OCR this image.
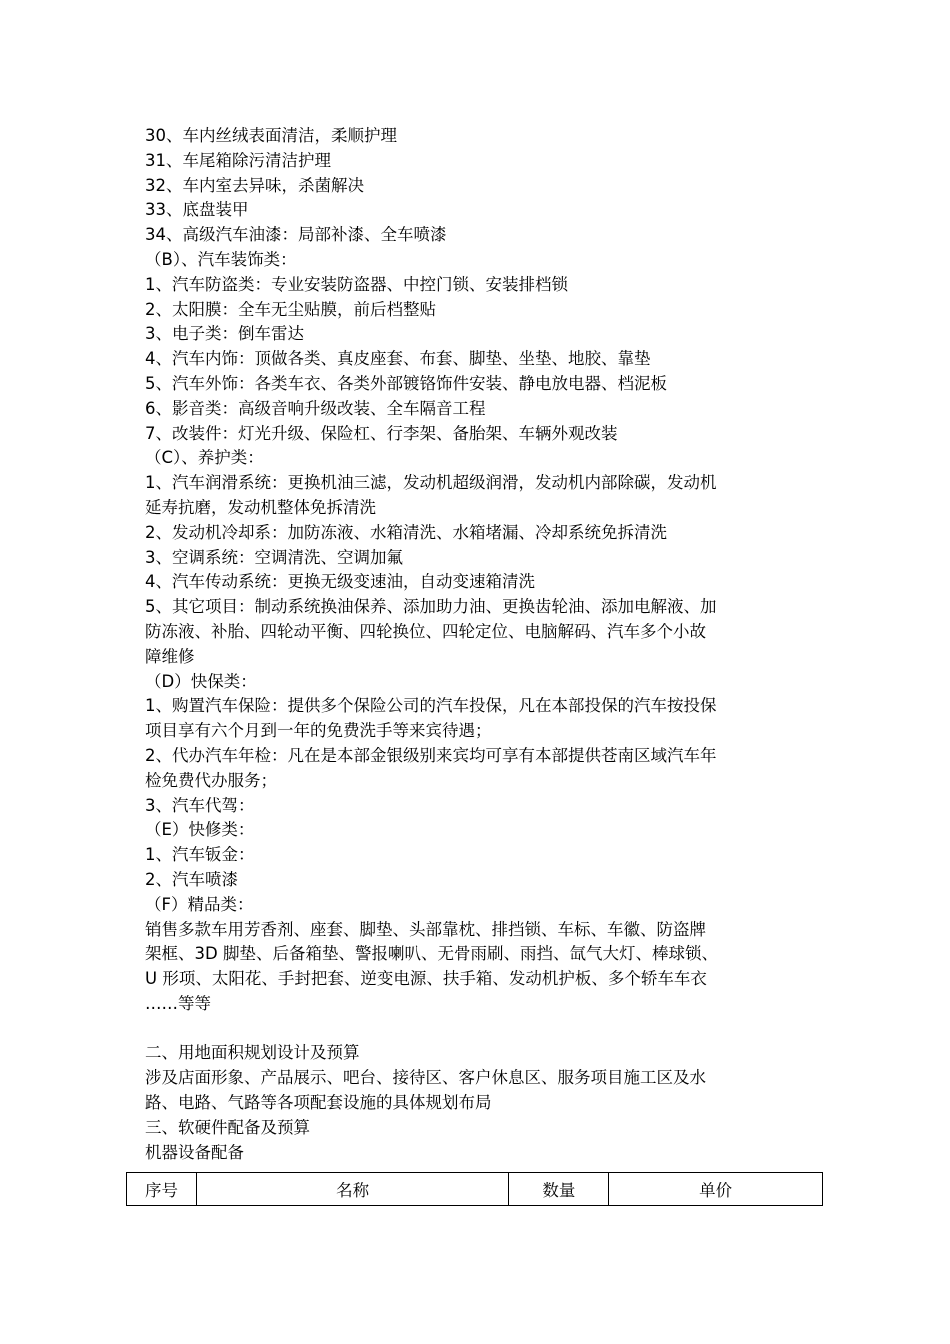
30、车内丝绒表面清洁，柔顺护理

31、车尾箱除污清洁护理

32、车内室去异味，杀菌解决

33、底盘装甲

34、高级汽车油漆：局部补漆、全车喷漆

（B）、汽车装饰类：

1、汽车防盗类：专业安装防盗器、中控门锁、安装排档锁

2、太阳膜：全车无尘贴膜，前后档整贴

3、电子类：倒车雷达

4、汽车内饰：顶做各类、真皮座套、布套、脚垫、坐垫、地胶、靠垫

5、汽车外饰：各类车衣、各类外部镀铬饰件安装、静电放电器、档泥板

6、影音类：高级音响升级改装、全车隔音工程

7、改装件：灯光升级、保险杠、行李架、备胎架、车辆外观改装

（C）、养护类：

1、汽车润滑系统：更换机油三滤，发动机超级润滑，发动机内部除碳，发动机

延寿抗磨，发动机整体免拆清洗

2、发动机冷却系：加防冻液、水箱清洗、水箱堵漏、冷却系统免拆清洗

3、空调系统：空调清洗、空调加氟

4、汽车传动系统：更换无级变速油，自动变速箱清洗

5、其它项目：制动系统换油保养、添加助力油、更换齿轮油、添加电解液、加

防冻液、补胎、四轮动平衡、四轮换位、四轮定位、电脑解码、汽车多个小故

障维修

（D）快保类：

1、购置汽车保险：提供多个保险公司的汽车投保，凡在本部投保的汽车按投保

项目享有六个月到一年的免费洗手等来宾待遇；

2、代办汽车年检：凡在是本部金银级别来宾均可享有本部提供苍南区域汽车年

检免费代办服务；

3、汽车代驾：

（E）快修类：

1、汽车钣金：

2、汽车喷漆

（F）精品类：

销售多款车用芳香剂、座套、脚垫、头部靠枕、排挡锁、车标、车徽、防盗牌

架框、3D 脚垫、后备箱垫、警报喇叭、无骨雨刷、雨挡、氙气大灯、棒球锁、

U 形项、太阳花、手封把套、逆变电源、扶手箱、发动机护板、多个轿车车衣

……等等

二、用地面积规划设计及预算

涉及店面形象、产品展示、吧台、接待区、客户休息区、服务项目施工区及水

路、电路、气路等各项配套设施的具体规划布局

三、软硬件配备及预算

机器设备配备

序号	名称	数量	单价
